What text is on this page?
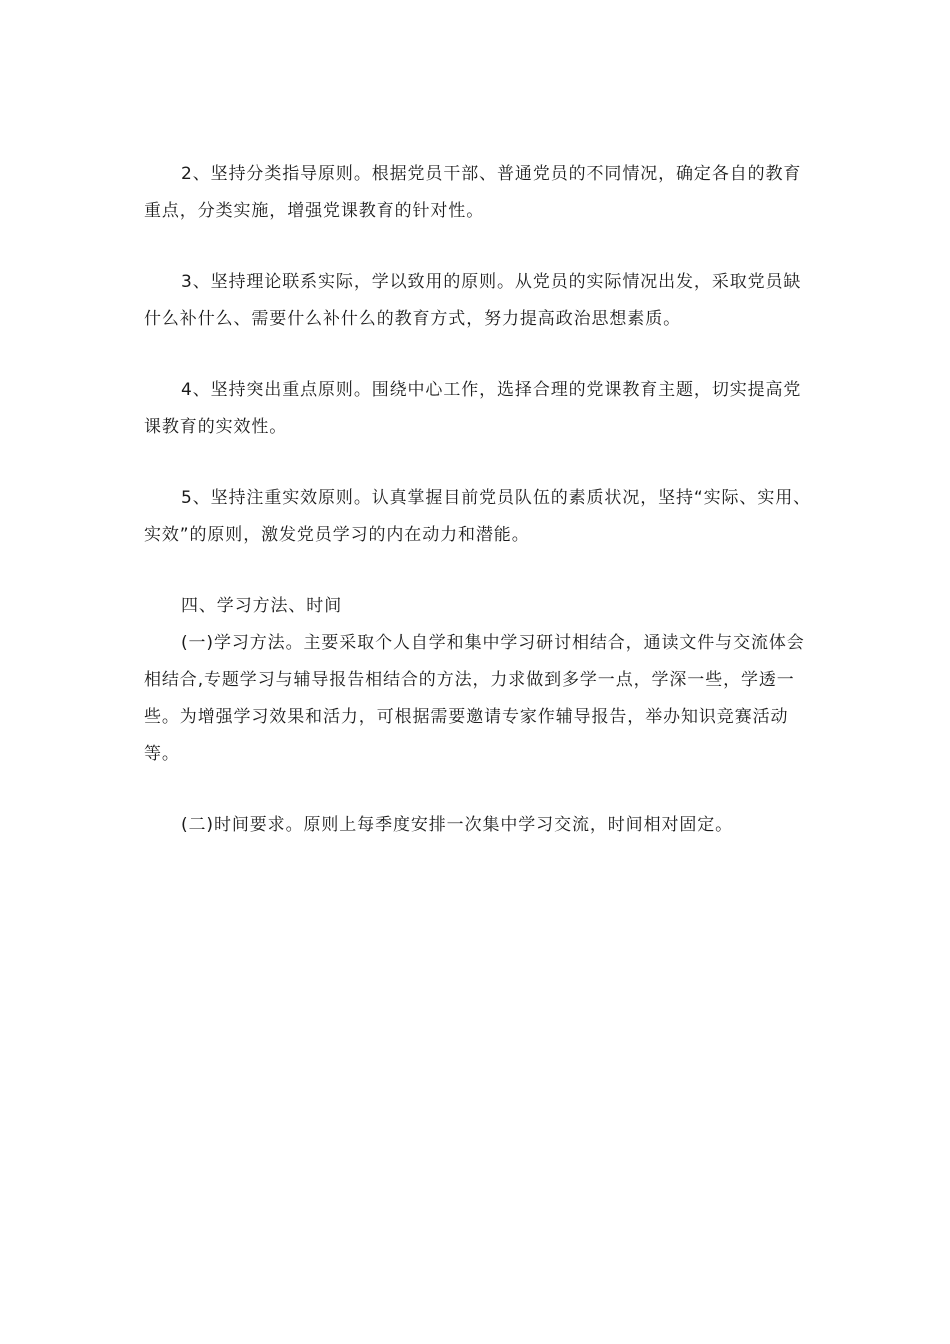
2、坚持分类指导原则。根据党员干部、普通党员的不同情况，确定各自的教育重点，分类实施，增强党课教育的针对性。

3、坚持理论联系实际，学以致用的原则。从党员的实际情况出发，采取党员缺什么补什么、需要什么补什么的教育方式，努力提高政治思想素质。

4、坚持突出重点原则。围绕中心工作，选择合理的党课教育主题，切实提高党课教育的实效性。

5、坚持注重实效原则。认真掌握目前党员队伍的素质状况，坚持“实际、实用、实效”的原则，激发党员学习的内在动力和潜能。

四、学习方法、时间

(一)学习方法。主要采取个人自学和集中学习研讨相结合，通读文件与交流体会相结合,专题学习与辅导报告相结合的方法，力求做到多学一点，学深一些，学透一些。为增强学习效果和活力，可根据需要邀请专家作辅导报告，举办知识竞赛活动等。

(二)时间要求。原则上每季度安排一次集中学习交流，时间相对固定。
